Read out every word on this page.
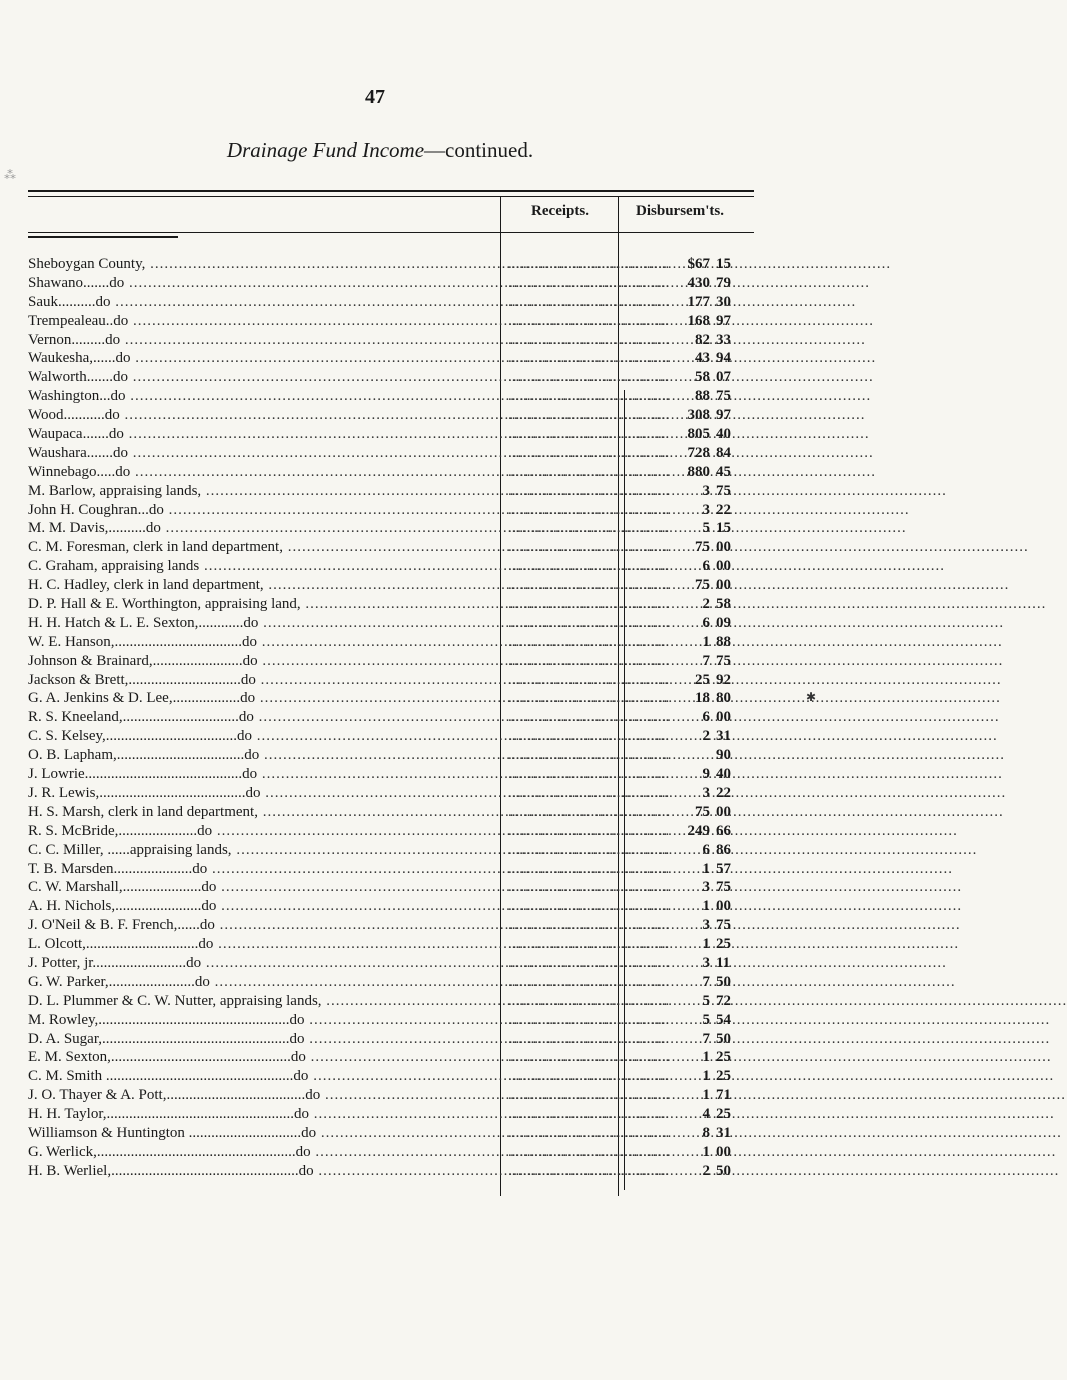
47
Drainage Fund Income—continued.
Receipts.	Disbursem'ts.
Sheboygan County, .....	...........................................	$67 15
Shawano.......do .....	...........................................	430 79
Sauk..........do .....	...........................................	177 30
Trempealeau..do .....	...........................................	168 97
Vernon.........do .....	...........................................	82 33
Waukesha,......do .....	...........................................	43 94
Walworth.......do .....	...........................................	58 07
Washington...do .....	...........................................	88 75
Wood...........do .....	...........................................	308 97
Waupaca.......do .....	...........................................	805 40
Waushara.......do .....	...........................................	728 84
Winnebago.....do .....	...........................................	880 45
M. Barlow, appraising lands, .....	...........................................	3 75
John H. Coughran...do .....	...........................................	3 22
M. M. Davis,..........do .....	...........................................	5 15
C. M. Foresman, clerk in land department, .....	...........................................	75 00
C. Graham, appraising lands .....	...........................................	6 00
H. C. Hadley, clerk in land department, .....	...........................................	75 00
D. P. Hall & E. Worthington, appraising land, .....	...........................................	2 58
H. H. Hatch & L. E. Sexton,............do .....	...........................................	6 09
W. E. Hanson,..................................do .....	...........................................	1 88
Johnson & Brainard,........................do .....	...........................................	7 75
Jackson & Brett,..............................do .....	...........................................	25 92
G. A. Jenkins & D. Lee,..................do .....	...........................................	18 80
R. S. Kneeland,...............................do .....	...........................................	6 00
C. S. Kelsey,...................................do .....	...........................................	2 31
O. B. Lapham,..................................do .....	...........................................	90
J. Lowrie..........................................do .....	...........................................	9 40
J. R. Lewis,.......................................do .....	...........................................	3 22
H. S. Marsh, clerk in land department, .....	...........................................	75 00
R. S. McBride,.....................do .....	...........................................	249 66
C. C. Miller, ......appraising lands, .....	...........................................	6 86
T. B. Marsden.....................do .....	...........................................	1 57
C. W. Marshall,.....................do .....	...........................................	3 75
A. H. Nichols,.......................do .....	...........................................	1 00
J. O'Neil & B. F. French,......do .....	...........................................	3 75
L. Olcott,..............................do .....	...........................................	1 25
J. Potter, jr.........................do .....	...........................................	3 11
G. W. Parker,.......................do .....	...........................................	7 50
D. L. Plummer & C. W. Nutter, appraising lands, .....	...........................................	5 72
M. Rowley,...................................................do .....	...........................................	5 54
D. A. Sugar,..................................................do .....	...........................................	7 50
E. M. Sexton,................................................do .....	...........................................	1 25
C. M. Smith ..................................................do .....	...........................................	1 25
J. O. Thayer & A. Pott,.....................................do .....	...........................................	1 71
H. H. Taylor,..................................................do .....	...........................................	4 25
Williamson & Huntington ..............................do .....	...........................................	8 31
G. Werlick,.....................................................do .....	...........................................	1 00
H. B. Werliel,..................................................do .....	...........................................	2 50
⁂
✱
